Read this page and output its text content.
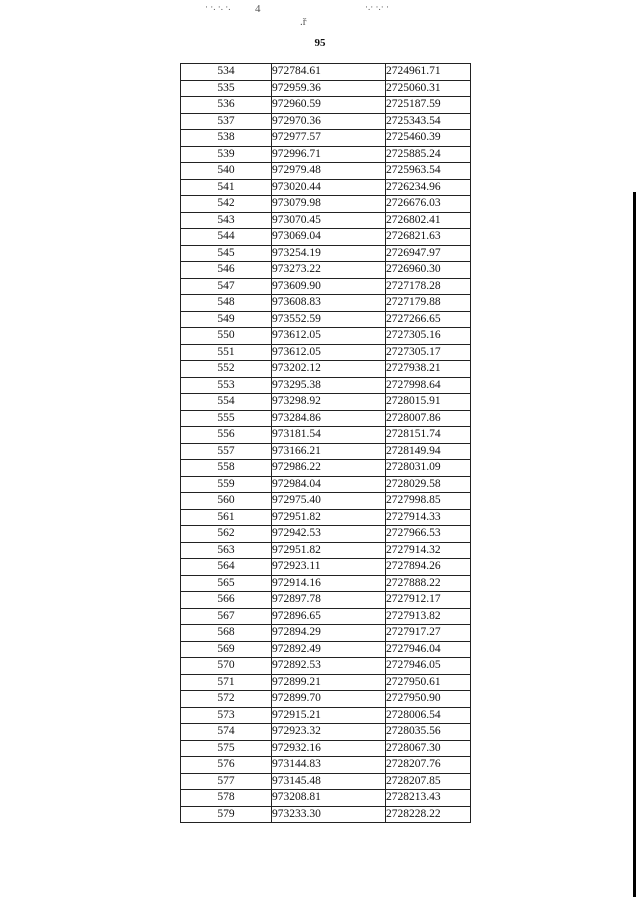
· ·. ·. ·. 4
.ř
·.· ·.· ·
95
534	972784.61	2724961.71
535	972959.36	2725060.31
536	972960.59	2725187.59
537	972970.36	2725343.54
538	972977.57	2725460.39
539	972996.71	2725885.24
540	972979.48	2725963.54
541	973020.44	2726234.96
542	973079.98	2726676.03
543	973070.45	2726802.41
544	973069.04	2726821.63
545	973254.19	2726947.97
546	973273.22	2726960.30
547	973609.90	2727178.28
548	973608.83	2727179.88
549	973552.59	2727266.65
550	973612.05	2727305.16
551	973612.05	2727305.17
552	973202.12	2727938.21
553	973295.38	2727998.64
554	973298.92	2728015.91
555	973284.86	2728007.86
556	973181.54	2728151.74
557	973166.21	2728149.94
558	972986.22	2728031.09
559	972984.04	2728029.58
560	972975.40	2727998.85
561	972951.82	2727914.33
562	972942.53	2727966.53
563	972951.82	2727914.32
564	972923.11	2727894.26
565	972914.16	2727888.22
566	972897.78	2727912.17
567	972896.65	2727913.82
568	972894.29	2727917.27
569	972892.49	2727946.04
570	972892.53	2727946.05
571	972899.21	2727950.61
572	972899.70	2727950.90
573	972915.21	2728006.54
574	972923.32	2728035.56
575	972932.16	2728067.30
576	973144.83	2728207.76
577	973145.48	2728207.85
578	973208.81	2728213.43
579	973233.30	2728228.22
